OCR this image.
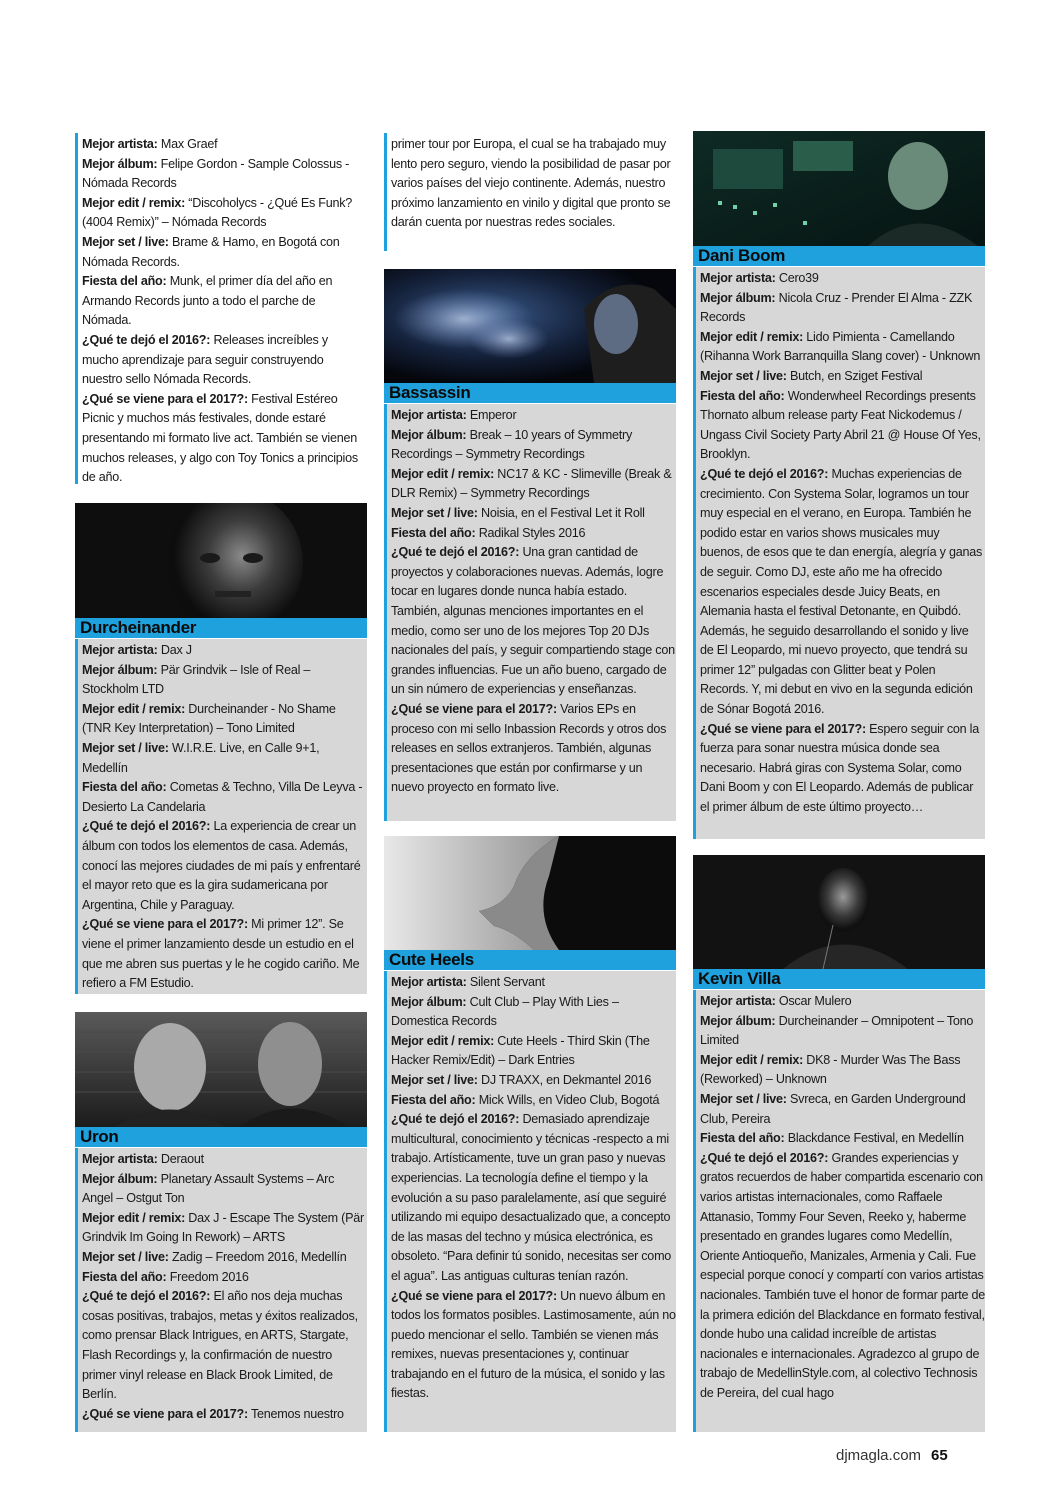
Mejor artista: Max Graef

Mejor álbum: Felipe Gordon - Sample Colossus - Nómada Records

Mejor edit / remix: “Discoholycs - ¿Qué Es Funk? (4004 Remix)” – Nómada Records

Mejor set / live: Brame & Hamo, en Bogotá con Nómada Records.

Fiesta del año: Munk, el primer día del año en Armando Records junto a todo el parche de Nómada.

¿Qué te dejó el 2016?: Releases increíbles y mucho aprendizaje para seguir construyendo nuestro sello Nómada Records.

¿Qué se viene para el 2017?: Festival Estéreo Picnic y muchos más festivales, donde estaré presentando mi formato live act. También se vienen muchos releases, y algo con Toy Tonics a principios de año.

Durcheinander

Mejor artista: Dax J

Mejor álbum: Pär Grindvik – Isle of Real – Stockholm LTD

Mejor edit / remix: Durcheinander - No Shame (TNR Key Interpretation) – Tono Limited

Mejor set / live: W.I.R.E. Live, en Calle 9+1, Medellín

Fiesta del año: Cometas & Techno, Villa De Leyva - Desierto La Candelaria

¿Qué te dejó el 2016?: La experiencia de crear un álbum con todos los elementos de casa. Además, conocí las mejores ciudades de mi país y enfrentaré el mayor reto que es la gira sudamericana por Argentina, Chile y Paraguay.

¿Qué se viene para el 2017?: Mi primer 12”. Se viene el primer lanzamiento desde un estudio en el que me abren sus puertas y le he cogido cariño. Me refiero a FM Estudio.

Uron

Mejor artista: Deraout

Mejor álbum: Planetary Assault Systems – Arc Angel – Ostgut Ton

Mejor edit / remix: Dax J - Escape The System (Pär Grindvik Im Going In Rework) – ARTS

Mejor set / live: Zadig – Freedom 2016, Medellín

Fiesta del año: Freedom 2016

¿Qué te dejó el 2016?: El año nos deja muchas cosas positivas, trabajos, metas y éxitos realizados, como prensar Black Intrigues, en ARTS, Stargate, Flash Recordings y, la confirmación de nuestro primer vinyl release en Black Brook Limited, de Berlín.

¿Qué se viene para el 2017?: Tenemos nuestro

primer tour por Europa, el cual se ha trabajado muy lento pero seguro, viendo la posibilidad de pasar por varios países del viejo continente. Además, nuestro próximo lanzamiento en vinilo y digital que pronto se darán cuenta por nuestras redes sociales.

Bassassin

Mejor artista: Emperor

Mejor álbum: Break – 10 years of Symmetry Recordings – Symmetry Recordings

Mejor edit / remix: NC17 & KC - Slimeville (Break & DLR Remix) – Symmetry Recordings

Mejor set / live: Noisia, en el Festival Let it Roll

Fiesta del año: Radikal Styles 2016

¿Qué te dejó el 2016?: Una gran cantidad de proyectos y colaboraciones nuevas. Además, logre tocar en lugares donde nunca había estado. También, algunas menciones importantes en el medio, como ser uno de los mejores Top 20 DJs nacionales del país, y seguir compartiendo stage con grandes influencias. Fue un año bueno, cargado de un sin número de experiencias y enseñanzas.

¿Qué se viene para el 2017?: Varios EPs en proceso con mi sello Inbassion Records y otros dos releases en sellos extranjeros. También, algunas presentaciones que están por confirmarse y un nuevo proyecto en formato live.

Cute Heels

Mejor artista: Silent Servant

Mejor álbum: Cult Club – Play With Lies – Domestica Records

Mejor edit / remix: Cute Heels - Third Skin (The Hacker Remix/Edit) – Dark Entries

Mejor set / live: DJ TRAXX, en Dekmantel 2016

Fiesta del año: Mick Wills, en Video Club, Bogotá

¿Qué te dejó el 2016?: Demasiado aprendizaje multicultural, conocimiento y técnicas -respecto a mi trabajo. Artísticamente, tuve un gran paso y nuevas experiencias. La tecnología define el tiempo y la evolución a su paso paralelamente, así que seguiré utilizando mi equipo desactualizado que, a concepto de las masas del techno y música electrónica, es obsoleto. “Para definir tú sonido, necesitas ser como el agua”. Las antiguas culturas tenían razón.

¿Qué se viene para el 2017?: Un nuevo álbum en todos los formatos posibles. Lastimosamente, aún no puedo mencionar el sello. También se vienen más remixes, nuevas presentaciones y, continuar trabajando en el futuro de la música, el sonido y las fiestas.

Dani Boom

Mejor artista: Cero39

Mejor álbum: Nicola Cruz - Prender El Alma - ZZK Records

Mejor edit / remix: Lido Pimienta - Camellando (Rihanna Work Barranquilla Slang cover) - Unknown

Mejor set / live: Butch, en Sziget Festival

Fiesta del año: Wonderwheel Recordings presents Thornato album release party Feat Nickodemus / Ungass Civil Society Party Abril 21 @ House Of Yes, Brooklyn.

¿Qué te dejó el 2016?: Muchas experiencias de crecimiento. Con Systema Solar, logramos un tour muy especial en el verano, en Europa. También he podido estar en varios shows musicales muy buenos, de esos que te dan energía, alegría y ganas de seguir. Como DJ, este año me ha ofrecido escenarios especiales desde Juicy Beats, en Alemania hasta el festival Detonante, en Quibdó. Además, he seguido desarrollando el sonido y live de El Leopardo, mi nuevo proyecto, que tendrá su primer 12” pulgadas con Glitter beat y Polen Records. Y, mi debut en vivo en la segunda edición de Sónar Bogotá 2016.

¿Qué se viene para el 2017?: Espero seguir con la fuerza para sonar nuestra música donde sea necesario. Habrá giras con Systema Solar, como Dani Boom y con El Leopardo. Además de publicar el primer álbum de este último proyecto…

Kevin Villa

Mejor artista: Oscar Mulero

Mejor álbum: Durcheinander – Omnipotent – Tono Limited

Mejor edit / remix: DK8 - Murder Was The Bass (Reworked) – Unknown

Mejor set / live: Svreca, en Garden Underground Club, Pereira

Fiesta del año: Blackdance Festival, en Medellín

¿Qué te dejó el 2016?: Grandes experiencias y gratos recuerdos de haber compartida escenario con varios artistas internacionales, como Raffaele Attanasio, Tommy Four Seven, Reeko y, haberme presentado en grandes lugares como Medellín, Oriente Antioqueño, Manizales, Armenia y Cali. Fue especial porque conocí y compartí con varios artistas nacionales. También tuve el honor de formar parte de la primera edición del Blackdance en formato festival, donde hubo una calidad increíble de artistas nacionales e internacionales. Agradezco al grupo de trabajo de MedellinStyle.com, al colectivo Technosis de Pereira, del cual hago

djmagla.com 65
